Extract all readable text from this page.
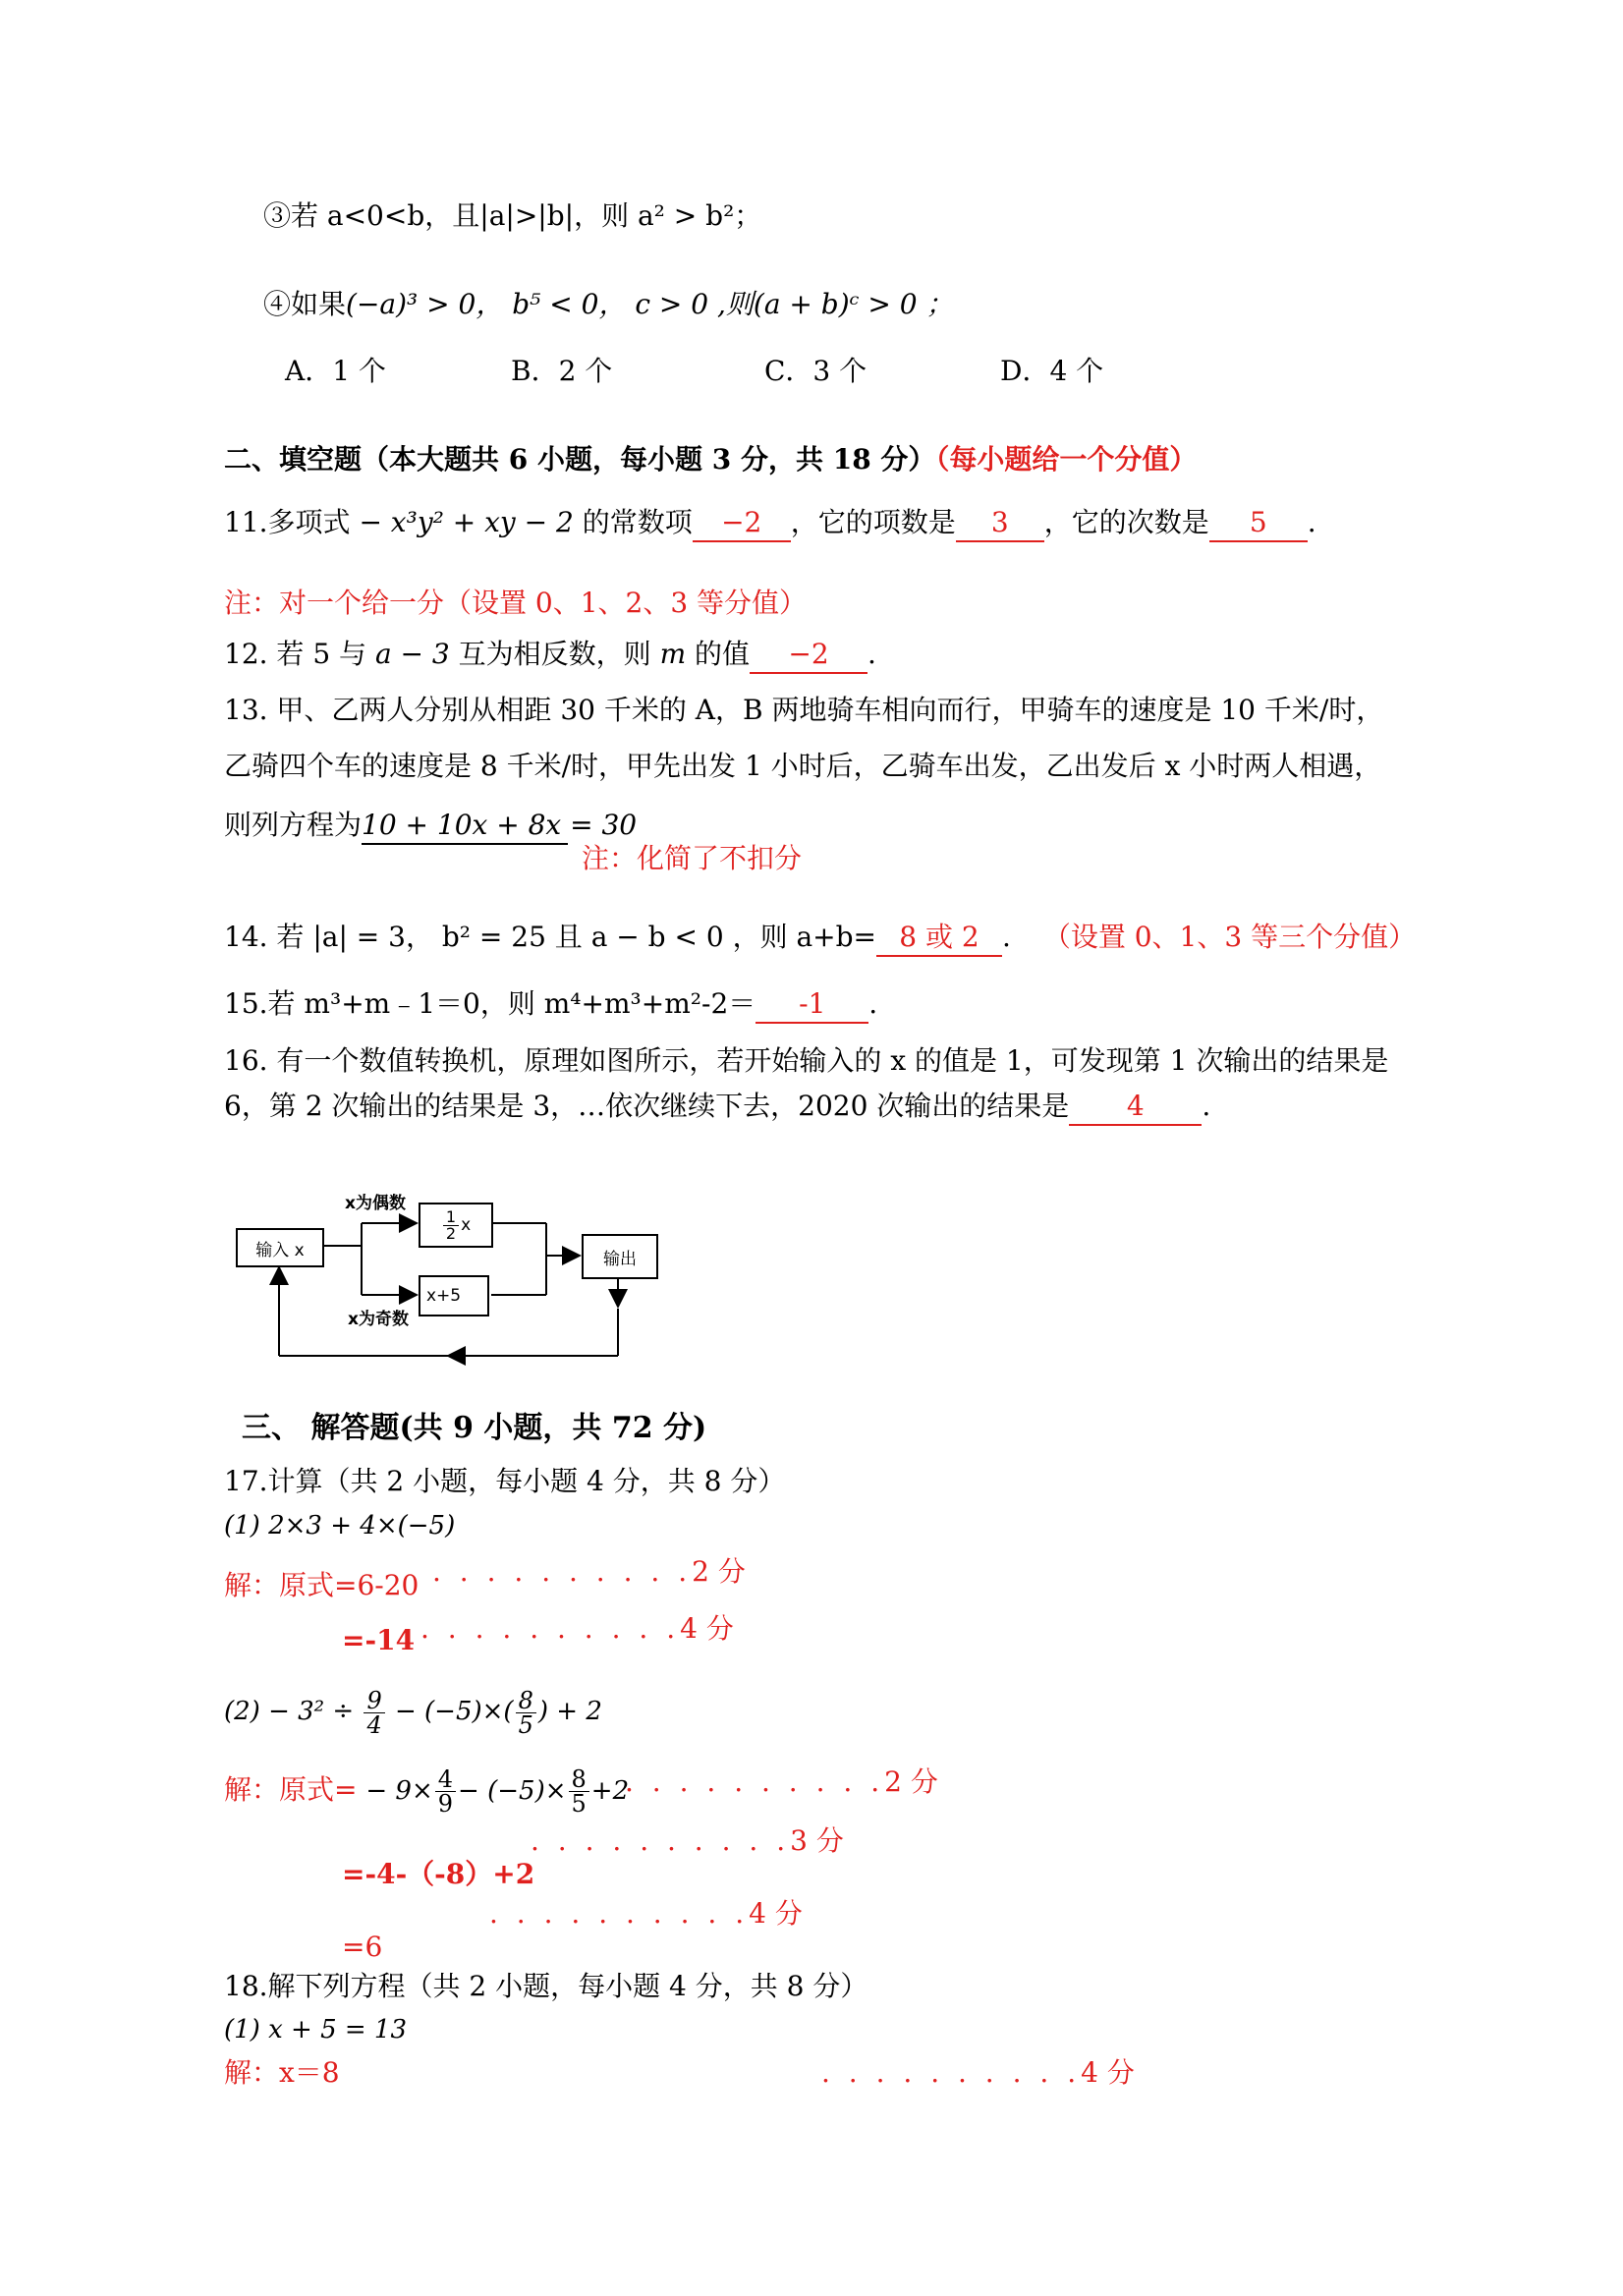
③若 a<0<b，且|a|>|b|，则 a² > b²；
④如果(−a)³ > 0， b⁵ < 0， c > 0 ,则(a + b)ᶜ > 0 ；
A．1 个	B．2 个	C．3 个	D．4 个
二、填空题（本大题共 6 小题，每小题 3 分，共 18 分）（每小题给一个分值）
11.多项式 − x³y² + xy − 2 的常数项 −2 ，它的项数是 3 ，它的次数是 5 .
注：对一个给一分（设置 0、1、2、3 等分值）
12. 若 5 与 a − 3 互为相反数，则 m 的值 −2 .
13. 甲、乙两人分别从相距 30 千米的 A，B 两地骑车相向而行，甲骑车的速度是 10 千米/时，
乙骑四个车的速度是 8 千米/时，甲先出发 1 小时后，乙骑车出发，乙出发后 x 小时两人相遇，
则列方程为10 + 10x + 8x = 30
注：化简了不扣分
14. 若 |a| = 3， b² = 25 且 a − b < 0 ，则 a+b= 8 或 2 . （设置 0、1、3 等三个分值）
15.若 m³+m﹣1＝0，则 m⁴+m³+m²-2＝ -1 .
16. 有一个数值转换机，原理如图所示，若开始输入的 x 的值是 1，可发现第 1 次输出的结果是
6，第 2 次输出的结果是 3，…依次继续下去，2020 次输出的结果是 4 .
输入 x
x为偶数
$\frac{1}{2}$ x
x+5
x为奇数
输出
三、 解答题(共 9 小题，共 72 分)
17.计算（共 2 小题，每小题 4 分，共 8 分）
(1) 2×3 + 4×(−5)
解：原式=6-20 . . . . . . . . . .2 分
=-14 . . . . . . . . . .4 分
$(2) - 3^2 \div \frac{9}{4} - (-5)\times( \frac{8}{5}$ ) + 2
解：原式= − $9\times \frac{4}{9} - (-5)\times \frac{8}{5} +2$
. . . . . . . . . .2 分
. . . . . . . . . .3 分
=-4-（-8）+2
. . . . . . . . . .4 分
=6
18.解下列方程（共 2 小题，每小题 4 分，共 8 分）
(1) x + 5 = 13
解：x＝8	. . . . . . . . . .4 分
